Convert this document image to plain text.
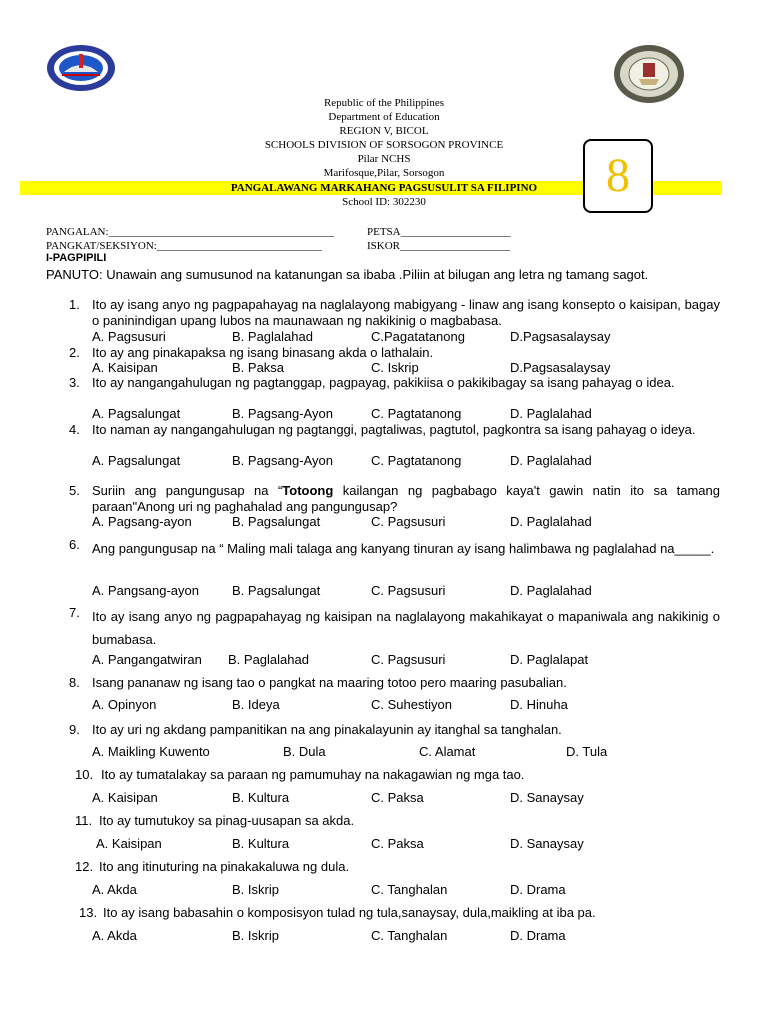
Republic of the Philippines
Department of Education
REGION V, BICOL
SCHOOLS DIVISION OF SORSOGON PROVINCE
Pilar NCHS
Marifosque,Pilar, Sorsogon
PANGALAWANG MARKAHANG PAGSUSULIT SA FILIPINO
School ID: 302230	8
PANGALAN:_________________________________________	PETSA____________________
PANGKAT/SEKSIYON:______________________________	ISKOR____________________
I-PAGPIPILI
PANUTO: Unawain ang sumusunod na katanungan sa ibaba .Piliin at bilugan ang letra ng tamang sagot.
1. Ito ay isang anyo ng pagpapahayag na naglalayong mabigyang - linaw ang isang konsepto o kaisipan, bagay o paninindigan upang lubos na maunawaan ng nakikinig o magbabasa.
A. Pagsusuri	B. Paglalahad	C.Pagatatanong	D.Pagsasalaysay
2. Ito ay ang pinakapaksa ng isang binasang akda o lathalain.
A. Kaisipan	B. Paksa	C. Iskrip	D.Pagsasalaysay
3. Ito ay nangangahulugan ng pagtanggap, pagpayag, pakikiisa o pakikibagay sa isang pahayag o idea.
A. Pagsalungat	B. Pagsang-Ayon	C. Pagtatanong	D. Paglalahad
4. Ito naman ay nangangahulugan ng pagtanggi, pagtaliwas, pagtutol, pagkontra sa isang pahayag o ideya.
A. Pagsalungat	B. Pagsang-Ayon	C. Pagtatanong	D. Paglalahad
5. Suriin ang pangungusap na “Totoong kailangan ng pagbabago kaya't gawin natin ito sa tamang paraan"Anong uri ng paghahalad ang pangungusap?
A. Pagsang-ayon	B. Pagsalungat	C. Pagsusuri	D. Paglalahad
6. Ang pangungusap na “ Maling mali talaga ang kanyang tinuran ay isang halimbawa ng paglalahad na_____.
A. Pangsang-ayon	B. Pagsalungat	C. Pagsusuri	D. Paglalahad
7. Ito ay isang anyo ng pagpapahayag ng kaisipan na naglalayong makahikayat o mapaniwala ang nakikinig o bumabasa.
A. Pangangatwiran B. Paglalahad	C. Pagsusuri	D. Paglalapat
8. Isang pananaw ng isang tao o pangkat na maaring totoo pero maaring pasubalian.
A. Opinyon	B. Ideya	C. Suhestiyon	D. Hinuha
9. Ito ay uri ng akdang pampanitikan na ang pinakalayunin ay itanghal sa tanghalan.
A. Maikling Kuwento	B. Dula	C. Alamat	D. Tula
10. Ito ay tumatalakay sa paraan ng pamumuhay na nakagawian ng mga tao.
A. Kaisipan	B. Kultura	C. Paksa	D. Sanaysay
11. Ito ay tumutukoy sa pinag-uusapan sa akda.
A. Kaisipan	B. Kultura	C. Paksa	D. Sanaysay
12. Ito ang itinuturing na pinakakaluwa ng dula.
A. Akda	B. Iskrip	C. Tanghalan	D. Drama
13. Ito ay isang babasahin o komposisyon tulad ng tula,sanaysay, dula,maikling at iba pa.
A. Akda	B. Iskrip	C. Tanghalan	D. Drama
